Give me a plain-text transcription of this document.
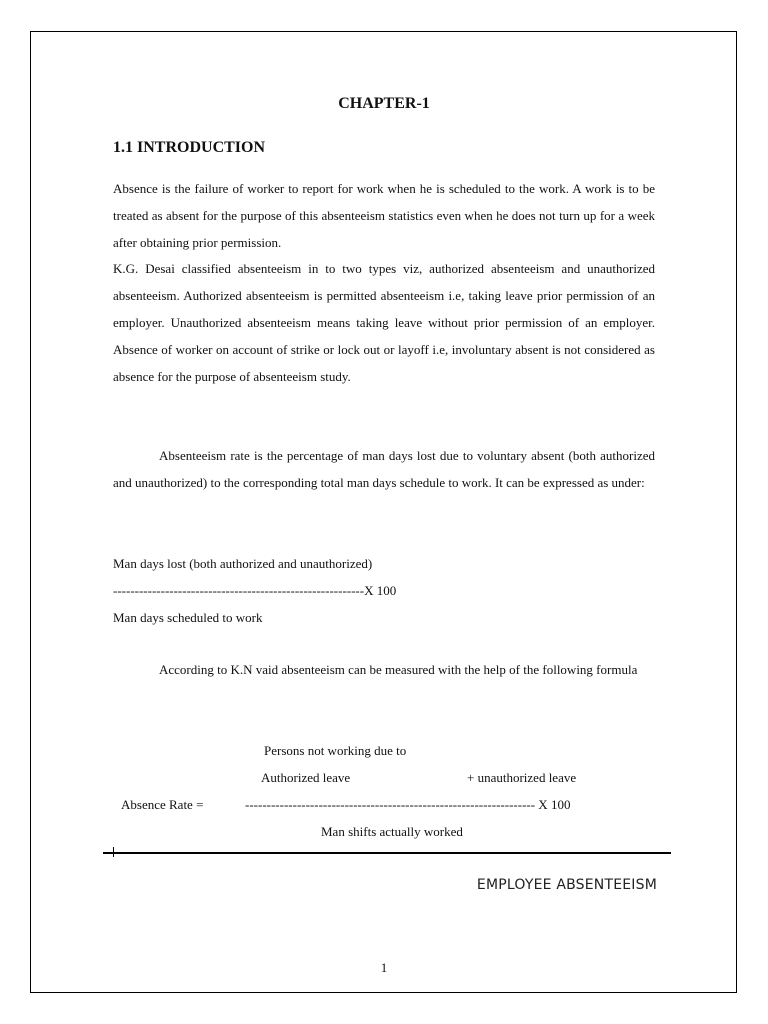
CHAPTER-1
1.1 INTRODUCTION

Absence is the failure of worker to report for work when he is scheduled to the work. A work is to be treated as absent for the purpose of this absenteeism statistics even when he does not turn up for a week after obtaining prior permission.

K.G. Desai classified absenteeism in to two types viz, authorized absenteeism and unauthorized absenteeism. Authorized absenteeism is permitted absenteeism i.e, taking leave prior permission of an employer. Unauthorized absenteeism means taking leave without prior permission of an employer. Absence of worker on account of strike or lock out or layoff i.e, involuntary absent is not considered as absence for the purpose of absenteeism study.

Absenteeism rate is the percentage of man days lost due to voluntary absent (both authorized and unauthorized) to the corresponding total man days schedule to work. It can be expressed as under:

Man days lost (both authorized and unauthorized)
----------------------------------------------------------X 100
Man days scheduled to work

According to K.N vaid absenteeism can be measured with the help of the following formula

Persons not working due to
Authorized leave	+ unauthorized leave
Absence Rate =	------------------------------------------------------------------- X 100
Man shifts actually worked
EMPLOYEE ABSENTEEISM
1
